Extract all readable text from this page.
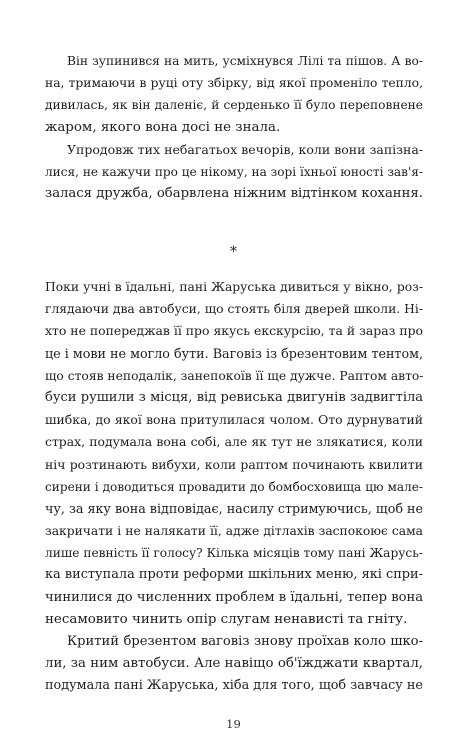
Він зупинився на мить, усміхнувся Лілі та пішов. А во-
на, тримаючи в руці оту збірку, від якої променіло тепло,
дивилась, як він даленіє, й серденько її було переповнене
жаром, якого вона досі не знала.
Упродовж тих небагатьох вечорів, коли вони запізна-
лися, не кажучи про це нікому, на зорі їхньої юності зав'я-
залася дружба, обарвлена ніжним відтінком кохання.
*
Поки учні в їдальні, пані Жаруська дивиться у вікно, роз-
глядаючи два автобуси, що стоять біля дверей школи. Ні-
хто не попереджав її про якусь екскурсію, та й зараз про
це і мови не могло бути. Ваговіз із брезентовим тентом,
що стояв неподалік, занепокоїв її ще дужче. Раптом авто-
буси рушили з місця, від ревиська двигунів задвигтіла
шибка, до якої вона притулилася чолом. Ото дурнуватий
страх, подумала вона собі, але як тут не злякатися, коли
ніч розтинають вибухи, коли раптом починають квилити
сирени і доводиться провадити до бомбосховища цю мале-
чу, за яку вона відповідає, насилу стримуючись, щоб не
закричати і не налякати її, адже дітлахів заспокоює сама
лише певність її голосу? Кілька місяців тому пані Жарусь-
ка виступала проти реформи шкільних меню, які спри-
чинилися до численних проблем в їдальні, тепер вона
несамовито чинить опір слугам ненависті та гніту.
Критий брезентом ваговіз знову проїхав коло шко-
ли, за ним автобуси. Але навіщо об'їжджати квартал,
подумала пані Жаруська, хіба для того, щоб завчасу не
19
